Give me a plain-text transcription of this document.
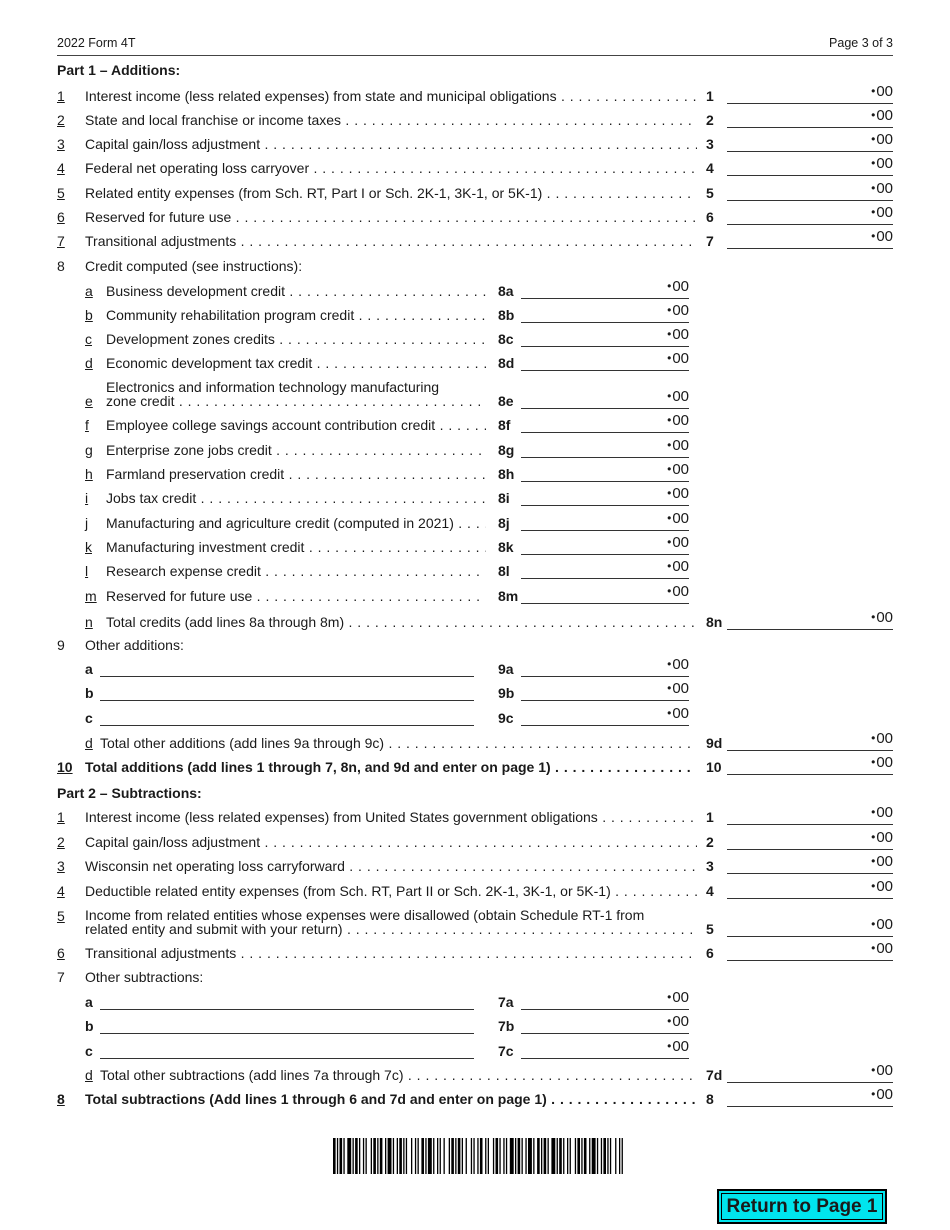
2022 Form 4T	Page 3 of 3
Part 1 – Additions:
1	Interest income (less related expenses) from state and municipal obligations . . .	1	• 00
2	State and local franchise or income taxes . . .	2	• 00
3	Capital gain/loss adjustment . . .	3	• 00
4	Federal net operating loss carryover . . .	4	• 00
5	Related entity expenses (from Sch. RT, Part I or Sch. 2K-1, 3K-1, or 5K-1) . . .	5	• 00
6	Reserved for future use . . .	6	• 00
7	Transitional adjustments . . .	7	• 00
8	Credit computed (see instructions):
a Business development credit . . .	8a	• 00
b Community rehabilitation program credit . . .	8b	• 00
c	Development zones credits . . .	8c	• 00
d Economic development tax credit . . .	8d	• 00
e
Electronics and information technology manufacturing
zone credit . . .	8e	• 00
f	Employee college savings account contribution credit . . .	8f	• 00
g Enterprise zone jobs credit . . .	8g	• 00
h Farmland preservation credit . . .	8h	• 00
i	Jobs tax credit . . .	8i	• 00
j	Manufacturing and agriculture credit (computed in 2021) . . .	8j	• 00
k	Manufacturing investment credit . . .	8k	• 00
l	Research expense credit . . .	8l	• 00
m Reserved for future use . . .	8m	• 00
n Total credits (add lines 8a through 8m) . . .	8n	• 00
9	Other additions:
a	9a	• 00
b	9b	• 00
c	9c	• 00
d Total other additions (add lines 9a through 9c) . . .	9d	• 00
10 Total additions (add lines 1 through 7, 8n, and 9d and enter on page 1) . . .	10	• 00
Part 2 – Subtractions:
1	Interest income (less related expenses) from United States government obligations . . .	1	• 00
2	Capital gain/loss adjustment . . .	2	• 00
3	Wisconsin net operating loss carryforward . . .	3	• 00
4	Deductible related entity expenses (from Sch. RT, Part II or Sch. 2K-1, 3K-1, or 5K-1) . . .	4	• 00
5	Income from related entities whose expenses were disallowed (obtain Schedule RT-1 from
related entity and submit with your return) . . .	5	• 00
6	Transitional adjustments . . .	6	• 00
7	Other subtractions:
a	7a	• 00
b	7b	• 00
c	7c	• 00
d Total other subtractions (add lines 7a through 7c) . . .	7d	• 00
8	Total subtractions (Add lines 1 through 6 and 7d and enter on page 1) . . .	8	• 00
Return to Page 1
